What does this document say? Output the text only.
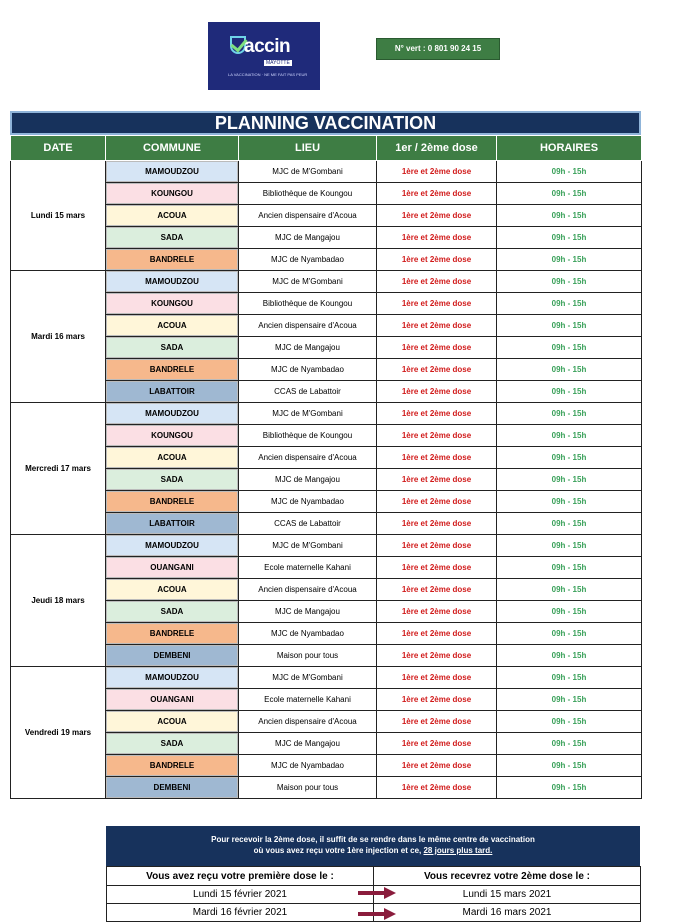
accin
MAYOTTE
LA VACCINATION · NE ME FAIT PAS PEUR
N° vert : 0 801 90 24 15
PLANNING VACCINATION
DATE	COMMUNE	LIEU	1er / 2ème dose	HORAIRES
Lundi 15 mars	MAMOUDZOU	MJC de M'Gombani	1ère et 2ème dose	09h - 15h
	KOUNGOU	Bibliothèque de Koungou	1ère et 2ème dose	09h - 15h
	ACOUA	Ancien dispensaire d'Acoua	1ère et 2ème dose	09h - 15h
	SADA	MJC de Mangajou	1ère et 2ème dose	09h - 15h
	BANDRELE	MJC de Nyambadao	1ère et 2ème dose	09h - 15h
Mardi 16 mars	MAMOUDZOU	MJC de M'Gombani	1ère et 2ème dose	09h - 15h
	KOUNGOU	Bibliothèque de Koungou	1ère et 2ème dose	09h - 15h
	ACOUA	Ancien dispensaire d'Acoua	1ère et 2ème dose	09h - 15h
	SADA	MJC de Mangajou	1ère et 2ème dose	09h - 15h
	BANDRELE	MJC de Nyambadao	1ère et 2ème dose	09h - 15h
	LABATTOIR	CCAS de Labattoir	1ère et 2ème dose	09h - 15h
Mercredi 17 mars	MAMOUDZOU	MJC de M'Gombani	1ère et 2ème dose	09h - 15h
	KOUNGOU	Bibliothèque de Koungou	1ère et 2ème dose	09h - 15h
	ACOUA	Ancien dispensaire d'Acoua	1ère et 2ème dose	09h - 15h
	SADA	MJC de Mangajou	1ère et 2ème dose	09h - 15h
	BANDRELE	MJC de Nyambadao	1ère et 2ème dose	09h - 15h
	LABATTOIR	CCAS de Labattoir	1ère et 2ème dose	09h - 15h
Jeudi 18 mars	MAMOUDZOU	MJC de M'Gombani	1ère et 2ème dose	09h - 15h
	OUANGANI	Ecole maternelle Kahani	1ère et 2ème dose	09h - 15h
	ACOUA	Ancien dispensaire d'Acoua	1ère et 2ème dose	09h - 15h
	SADA	MJC de Mangajou	1ère et 2ème dose	09h - 15h
	BANDRELE	MJC de Nyambadao	1ère et 2ème dose	09h - 15h
	DEMBENI	Maison pour tous	1ère et 2ème dose	09h - 15h
Vendredi 19 mars	MAMOUDZOU	MJC de M'Gombani	1ère et 2ème dose	09h - 15h
	OUANGANI	Ecole maternelle Kahani	1ère et 2ème dose	09h - 15h
	ACOUA	Ancien dispensaire d'Acoua	1ère et 2ème dose	09h - 15h
	SADA	MJC de Mangajou	1ère et 2ème dose	09h - 15h
	BANDRELE	MJC de Nyambadao	1ère et 2ème dose	09h - 15h
	DEMBENI	Maison pour tous	1ère et 2ème dose	09h - 15h
Pour recevoir la 2ème dose, il suffit de se rendre dans le même centre de vaccination
où vous avez reçu votre 1ère injection et ce, 28 jours plus tard.
Vous avez reçu votre première dose le :	Vous recevrez votre 2ème dose le :
Lundi 15 février 2021	Lundi 15 mars 2021
Mardi 16 février 2021	Mardi 16 mars 2021
